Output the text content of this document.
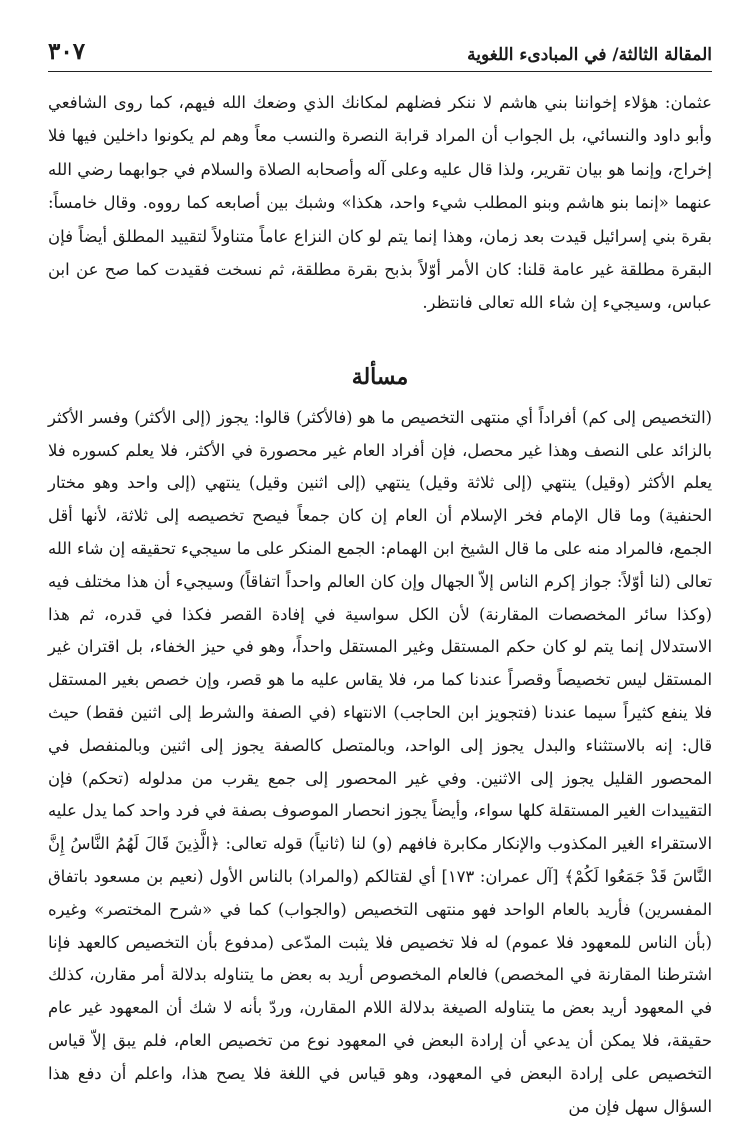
المقالة الثالثة/ في المبادىء اللغوية
٣٠٧

عثمان: هؤلاء إخواننا بني هاشم لا ننكر فضلهم لمكانك الذي وضعك الله فيهم، كما روى الشافعي وأبو داود والنسائي، بل الجواب أن المراد قرابة النصرة والنسب معاً وهم لم يكونوا داخلين فيها فلا إخراج، وإنما هو بيان تقرير، ولذا قال عليه وعلى آله وأصحابه الصلاة والسلام في جوابهما رضي الله عنهما «إنما بنو هاشم وبنو المطلب شيء واحد، هكذا» وشبك بين أصابعه كما رووه. وقال خامساً: بقرة بني إسرائيل قيدت بعد زمان، وهذا إنما يتم لو كان النزاع عاماً متناولاً لتقييد المطلق أيضاً فإن البقرة مطلقة غير عامة قلنا: كان الأمر أوّلاً بذبح بقرة مطلقة، ثم نسخت فقيدت كما صح عن ابن عباس، وسيجيء إن شاء الله تعالى فانتظر.

مسألة

(التخصيص إلى كم) أفراداً أي منتهى التخصيص ما هو (فالأكثر) قالوا: يجوز (إلى الأكثر) وفسر الأكثر بالزائد على النصف وهذا غير محصل، فإن أفراد العام غير محصورة في الأكثر، فلا يعلم كسوره فلا يعلم الأكثر (وقيل) ينتهي (إلى ثلاثة وقيل) ينتهي (إلى اثنين وقيل) ينتهي (إلى واحد وهو مختار الحنفية) وما قال الإمام فخر الإسلام أن العام إن كان جمعاً فيصح تخصيصه إلى ثلاثة، لأنها أقل الجمع، فالمراد منه على ما قال الشيخ ابن الهمام: الجمع المنكر على ما سيجيء تحقيقه إن شاء الله تعالى (لنا أوّلاً: جواز إكرم الناس إلاّ الجهال وإن كان العالم واحداً اتفاقاً) وسيجيء أن هذا مختلف فيه (وكذا سائر المخصصات المقارنة) لأن الكل سواسية في إفادة القصر فكذا في قدره، ثم هذا الاستدلال إنما يتم لو كان حكم المستقل وغير المستقل واحداً، وهو في حيز الخفاء، بل اقتران غير المستقل ليس تخصيصاً وقصراً عندنا كما مر، فلا يقاس عليه ما هو قصر، وإن خصص بغير المستقل فلا ينفع كثيراً سيما عندنا (فتجويز ابن الحاجب) الانتهاء (في الصفة والشرط إلى اثنين فقط) حيث قال: إنه بالاستثناء والبدل يجوز إلى الواحد، وبالمتصل كالصفة يجوز إلى اثنين وبالمنفصل في المحصور القليل يجوز إلى الاثنين. وفي غير المحصور إلى جمع يقرب من مدلوله (تحكم) فإن التقييدات الغير المستقلة كلها سواء، وأيضاً يجوز انحصار الموصوف بصفة في فرد واحد كما يدل عليه الاستقراء الغير المكذوب والإنكار مكابرة فافهم (و) لنا (ثانياً) قوله تعالى: ﴿الَّذِينَ قَالَ لَهُمُ النَّاسُ إِنَّ النَّاسَ قَدْ جَمَعُوا لَكُمْ﴾ [آل عمران: ١٧٣] أي لقتالكم (والمراد) بالناس الأول (نعيم بن مسعود باتفاق المفسرين) فأريد بالعام الواحد فهو منتهى التخصيص (والجواب) كما في «شرح المختصر» وغيره (بأن الناس للمعهود فلا عموم) له فلا تخصيص فلا يثبت المدّعى (مدفوع بأن التخصيص كالعهد فإنا اشترطنا المقارنة في المخصص) فالعام المخصوص أريد به بعض ما يتناوله بدلالة أمر مقارن، كذلك في المعهود أريد بعض ما يتناوله الصيغة بدلالة اللام المقارن، وردّ بأنه لا شك أن المعهود غير عام حقيقة، فلا يمكن أن يدعي أن إرادة البعض في المعهود نوع من تخصيص العام، فلم يبق إلاّ قياس التخصيص على إرادة البعض في المعهود، وهو قياس في اللغة فلا يصح هذا، واعلم أن دفع هذا السؤال سهل فإن من
